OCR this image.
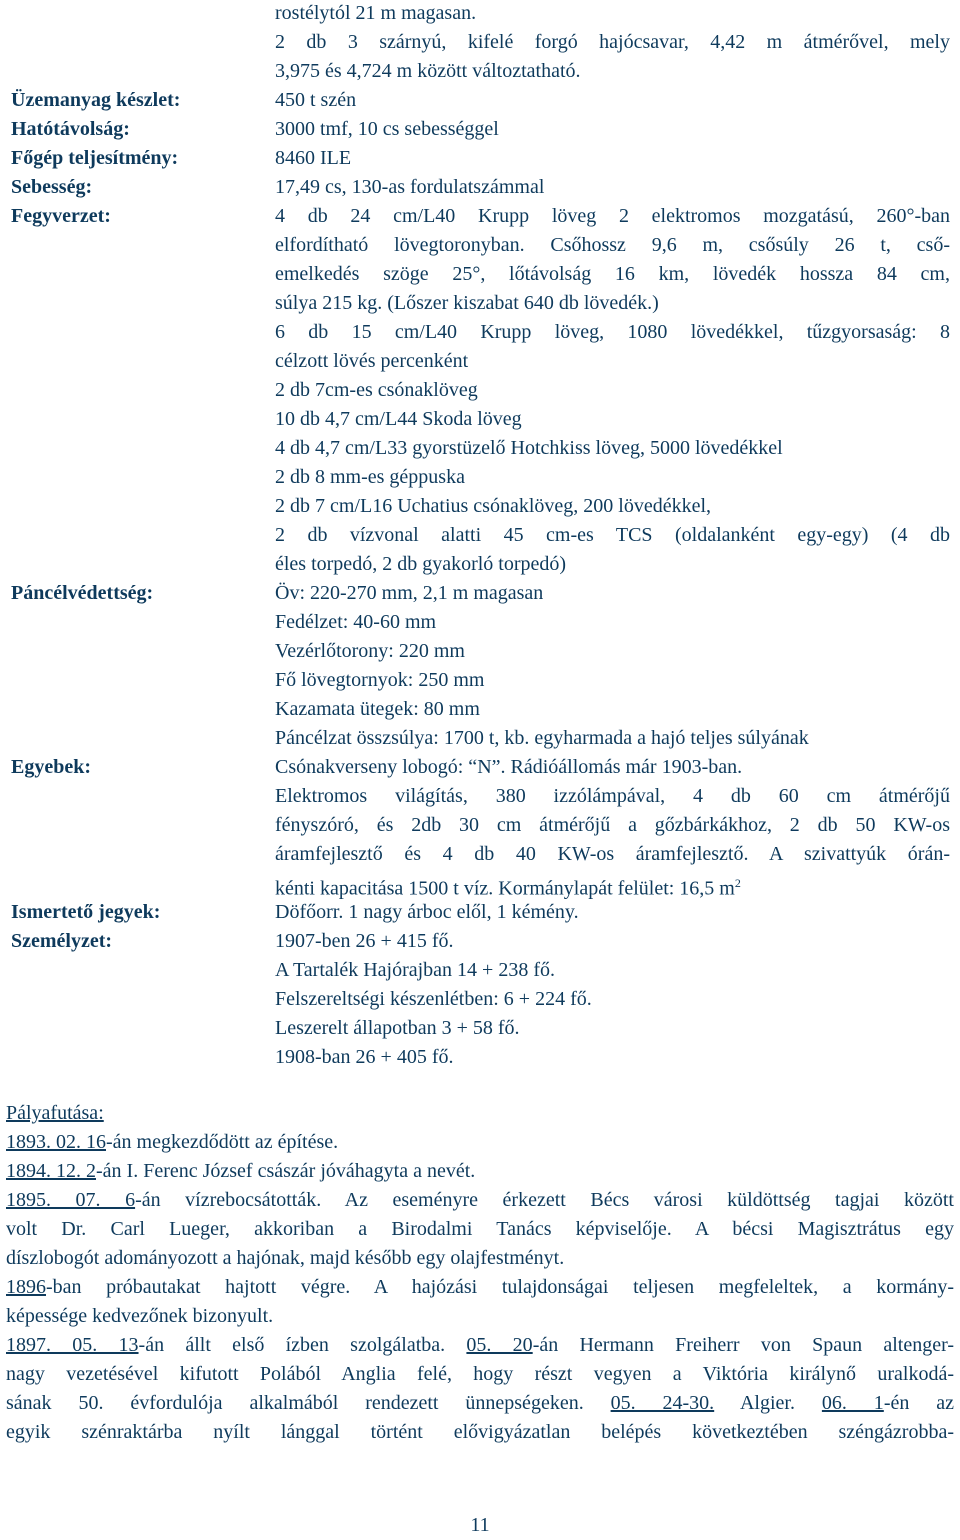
rostélytól 21 m magasan.
2 db 3 szárnyú, kifelé forgó hajócsavar, 4,42 m átmérővel, mely
3,975 és 4,724 m között változtatható.
Üzemanyag készlet:	450 t szén
Hatótávolság:	3000 tmf, 10 cs sebességgel
Főgép teljesítmény:	8460 ILE
Sebesség:	17,49 cs, 130-as fordulatszámmal
Fegyverzet:	4 db 24 cm/L40 Krupp löveg 2 elektromos mozgatású, 260°-ban
elfordítható lövegtoronyban. Csőhossz 9,6 m, csősúly 26 t, cső-
emelkedés szöge 25°, lőtávolság 16 km, lövedék hossza 84 cm,
súlya 215 kg. (Lőszer kiszabat 640 db lövedék.)
6 db 15 cm/L40 Krupp löveg, 1080 lövedékkel, tűzgyorsaság: 8
célzott lövés percenként
2 db 7cm-es csónaklöveg
10 db 4,7 cm/L44 Skoda löveg
4 db 4,7 cm/L33 gyorstüzelő Hotchkiss löveg, 5000 lövedékkel
2 db 8 mm-es géppuska
2 db 7 cm/L16 Uchatius csónaklöveg, 200 lövedékkel,
2 db vízvonal alatti 45 cm-es TCS (oldalanként egy-egy) (4 db
éles torpedó, 2 db gyakorló torpedó)
Páncélvédettség:	Öv: 220-270 mm, 2,1 m magasan
Fedélzet: 40-60 mm
Vezérlőtorony: 220 mm
Fő lövegtornyok: 250 mm
Kazamata ütegek: 80 mm
Páncélzat összsúlya: 1700 t, kb. egyharmada a hajó teljes súlyának
Egyebek:	Csónakverseny lobogó: “N”. Rádióállomás már 1903-ban.
Elektromos világítás, 380 izzólámpával, 4 db 60 cm átmérőjű
fényszóró, és 2db 30 cm átmérőjű a gőzbárkákhoz, 2 db 50 KW-os
áramfejlesztő és 4 db 40 KW-os áramfejlesztő. A szivattyúk órán-
kénti kapacitása 1500 t víz. Kormánylapát felület: 16,5 $m^2$
Ismertető jegyek:	Döfőorr. 1 nagy árboc elől, 1 kémény.
Személyzet:	1907-ben 26 + 415 fő.
A Tartalék Hajórajban 14 + 238 fő.
Felszereltségi készenlétben: 6 + 224 fő.
Leszerelt állapotban 3 + 58 fő.
1908-ban 26 + 405 fő.
Pályafutása:
1893. 02. 16-án megkezdődött az építése.
1894. 12. 2-án I. Ferenc József császár jóváhagyta a nevét.
1895. 07. 6-án vízrebocsátották. Az eseményre érkezett Bécs városi küldöttség tagjai között
volt Dr. Carl Lueger, akkoriban a Birodalmi Tanács képviselője. A bécsi Magisztrátus egy
díszlobogót adományozott a hajónak, majd később egy olajfestményt.
1896-ban próbautakat hajtott végre. A hajózási tulajdonságai teljesen megfeleltek, a kormány-
képessége kedvezőnek bizonyult.
1897. 05. 13-án állt első ízben szolgálatba. 05. 20-án Hermann Freiherr von Spaun altenger-
nagy vezetésével kifutott Polából Anglia felé, hogy részt vegyen a Viktória királynő uralkodá-
sának 50. évfordulója alkalmából rendezett ünnepségeken. 05. 24-30. Algier. 06. 1-én az
egyik szénraktárba nyílt lánggal történt elővigyázatlan belépés következtében széngázrobba-
11
